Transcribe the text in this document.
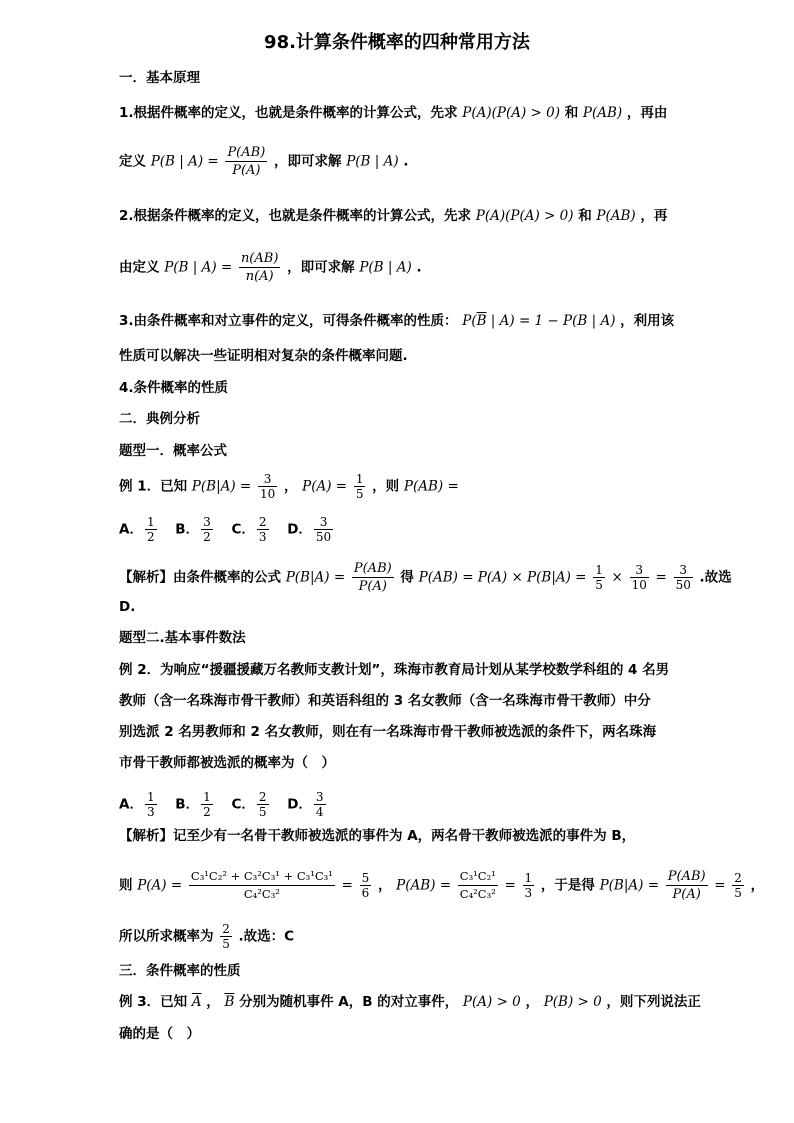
98.计算条件概率的四种常用方法
一．基本原理
1.根据件概率的定义，也就是条件概率的计算公式，先求 P(A)(P(A) > 0) 和 P(AB) ，再由
定义 P(B | $A) = \frac{P(AB)}{P(A)}$ ，即可求解 P(B | A) .
2.根据条件概率的定义，也就是条件概率的计算公式，先求 P(A)(P(A) > 0) 和 P(AB) ，再
由定义 P(B | $A) = \frac{n(AB)}{n(A)}$ ，即可求解 P(B | A) .
3.由条件概率和对立事件的定义，可得条件概率的性质： $P(\overline{B}$ | A) = 1 − P(B | A) ，利用该
性质可以解决一些证明相对复杂的条件概率问题.
4.条件概率的性质
二．典例分析
题型一．概率公式
例 1．已知 $P(B|A) = \frac{3}{10}$ ， $P(A) = \frac{1}{5}$ ，则 P(AB) =
A． $\frac{1}{2}$ B． $\frac{3}{2}$ C． $\frac{2}{3}$ D． $\frac{3}{50}$
【解析】由条件概率的公式 $P(B|A) = \frac{P(AB)}{P(A)}$ 得 $P(AB) = P(A) \times P(B|A) = \frac{1}{5} \times \frac{3}{10} = \frac{3}{50}$ .故选
D.
题型二.基本事件数法
例 2．为响应“援疆援藏万名教师支教计划”，珠海市教育局计划从某学校数学科组的 4 名男
教师（含一名珠海市骨干教师）和英语科组的 3 名女教师（含一名珠海市骨干教师）中分
别选派 2 名男教师和 2 名女教师，则在有一名珠海市骨干教师被选派的条件下，两名珠海
市骨干教师都被选派的概率为（　）
A． $\frac{1}{3}$ B． $\frac{1}{2}$ C． $\frac{2}{5}$ D． $\frac{3}{4}$
【解析】记至少有一名骨干教师被选派的事件为 A，两名骨干教师被选派的事件为 B，
则 $P(A) = \frac{\text{C₃¹C₂² + C₃²C₃¹ + C₃¹C₃¹}}{\text{C₄²C₃²}} = \frac{5}{6}$ ， $P(AB) = \frac{\text{C₃¹C₂¹}}{\text{C₄²C₃²}} = \frac{1}{3}$ ，于是得 $P(B|A) = \frac{P(AB)}{P(A)} = \frac{2}{5}$ ，
所以所求概率为 $\frac{2}{5}$ .故选：C
三．条件概率的性质
例 3．已知 $\overline{A}$ ， $\overline{B}$ 分别为随机事件 A，B 的对立事件， P(A) > 0 ， P(B) > 0 ，则下列说法正
确的是（　）
